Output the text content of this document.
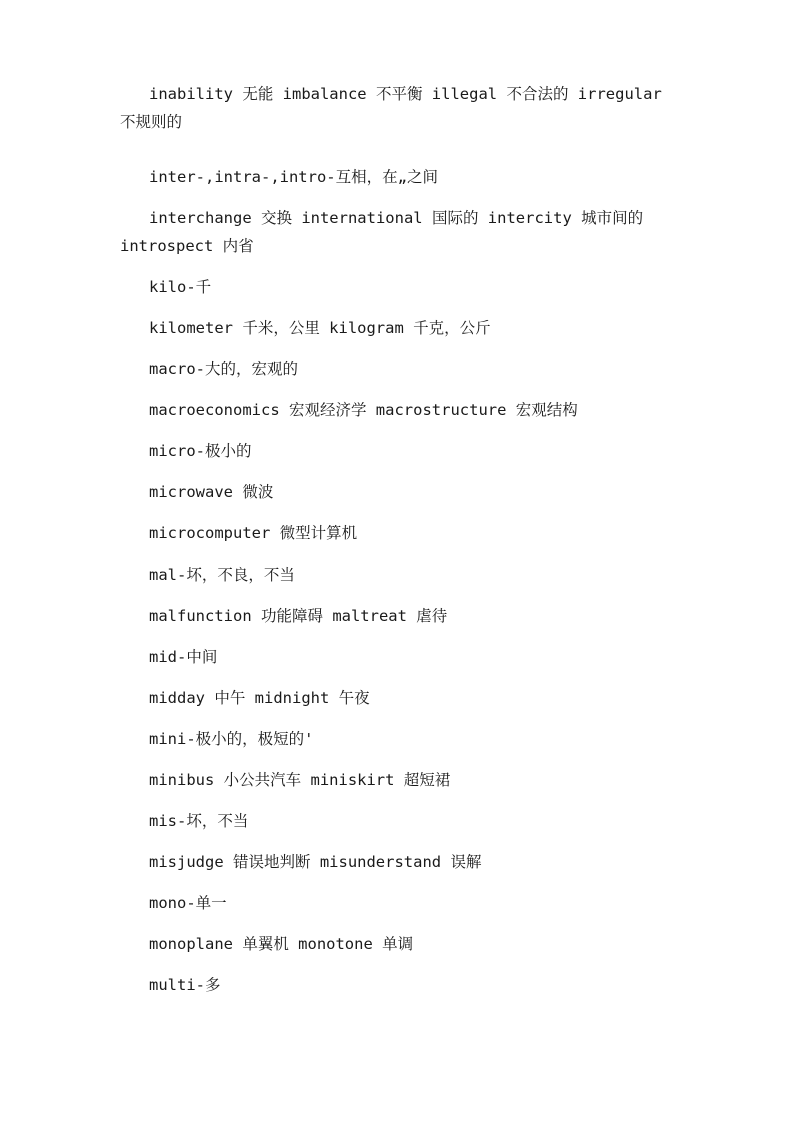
inability 无能 imbalance 不平衡 illegal 不合法的 irregular 不规则的

inter-,intra-,intro-互相，在„之间

interchange 交换 international 国际的 intercity 城市间的 introspect 内省

kilo-千

kilometer 千米，公里 kilogram 千克，公斤

macro-大的，宏观的

macroeconomics 宏观经济学 macrostructure 宏观结构

micro-极小的

microwave 微波

microcomputer 微型计算机

mal-坏，不良，不当

malfunction 功能障碍 maltreat 虐待

mid-中间

midday 中午 midnight 午夜

mini-极小的，极短的'

minibus 小公共汽车 miniskirt 超短裙

mis-坏，不当

misjudge 错误地判断 misunderstand 误解

mono-单一

monoplane 单翼机 monotone 单调

multi-多
